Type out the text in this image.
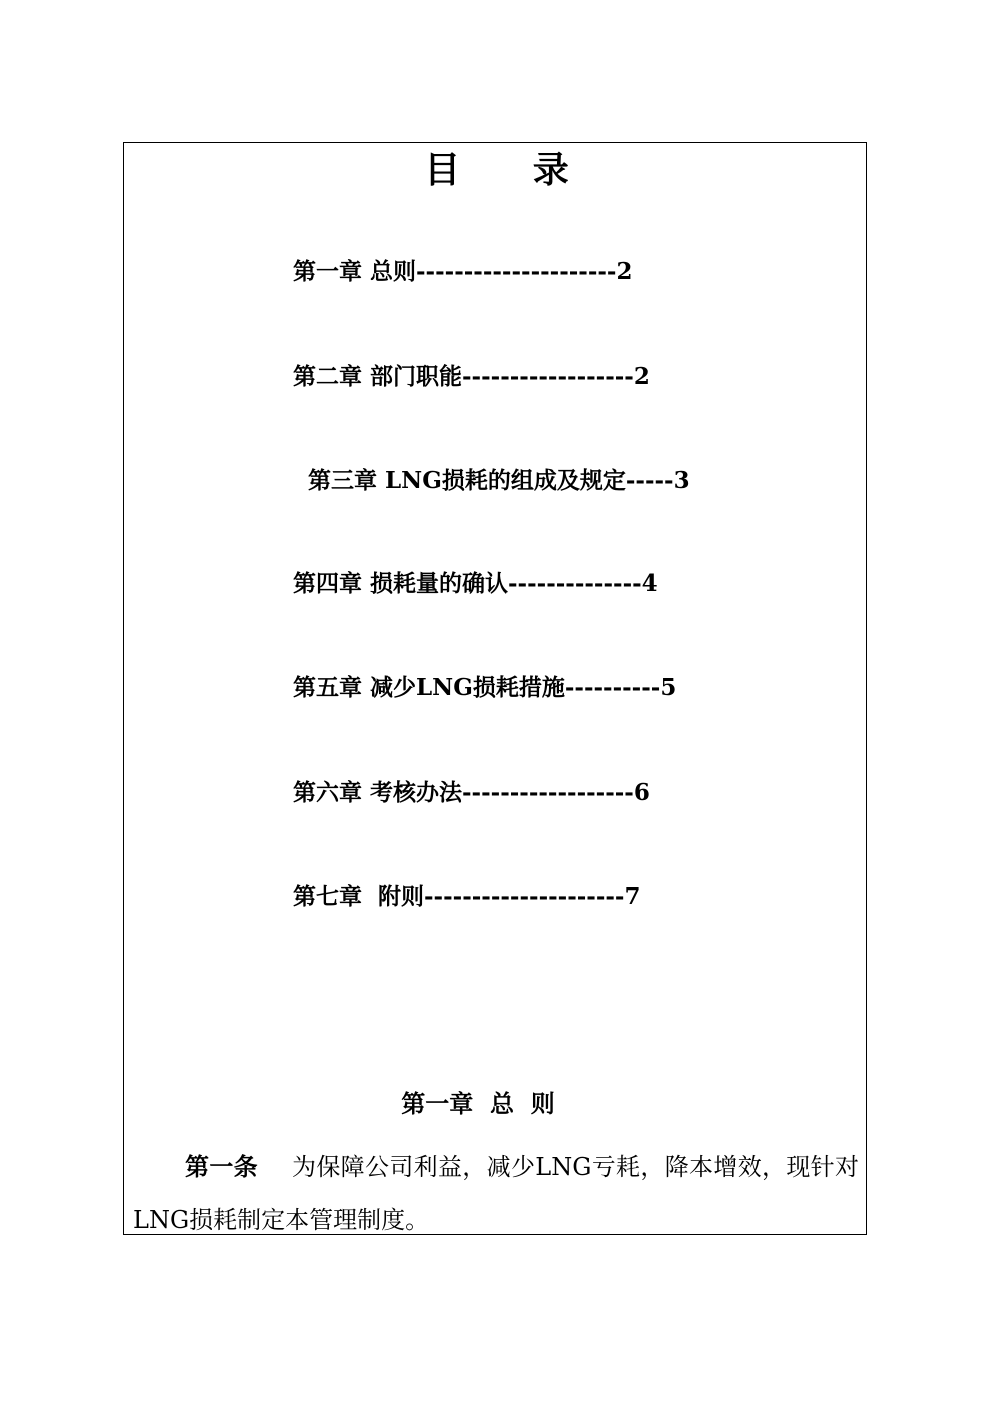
目 录
第一章 总则---------------------2
第二章 部门职能------------------2
第三章 LNG损耗的组成及规定-----3
第四章 损耗量的确认--------------4
第五章 减少LNG损耗措施----------5
第六章 考核办法------------------6
第七章  附则---------------------7
第一章  总  则
第一条 为保障公司利益，减少LNG亏耗，降本增效，现针对LNG损耗制定本管理制度。
